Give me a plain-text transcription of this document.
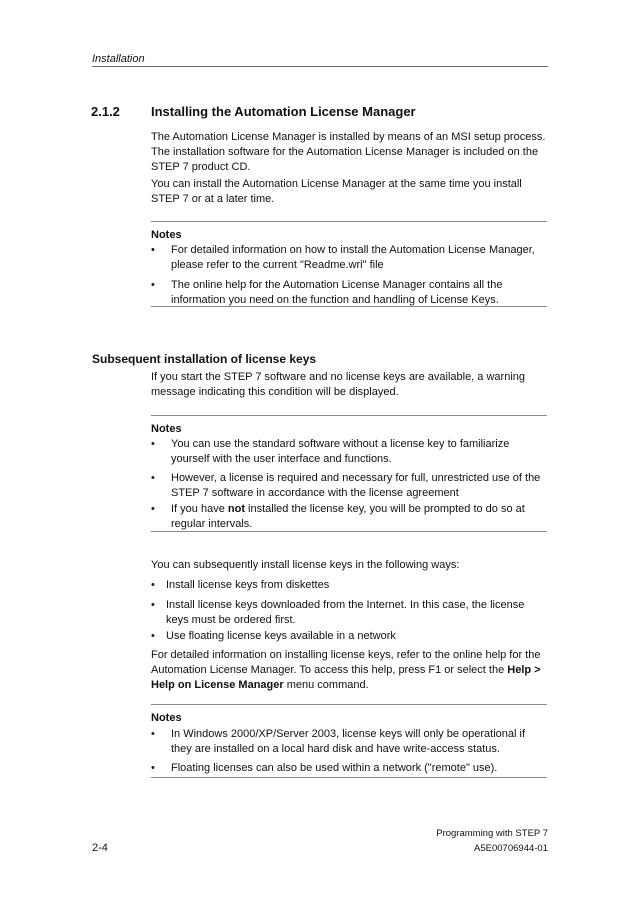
Installation
2.1.2 Installing the Automation License Manager
The Automation License Manager is installed by means of an MSI setup process. The installation software for the Automation License Manager is included on the STEP 7 product CD.
You can install the Automation License Manager at the same time you install STEP 7 or at a later time.
Notes
• For detailed information on how to install the Automation License Manager, please refer to the current "Readme.wri" file
• The online help for the Automation License Manager contains all the information you need on the function and handling of License Keys.
Subsequent installation of license keys
If you start the STEP 7 software and no license keys are available, a warning message indicating this condition will be displayed.
Notes
• You can use the standard software without a license key to familiarize yourself with the user interface and functions.
• However, a license is required and necessary for full, unrestricted use of the STEP 7 software in accordance with the license agreement
• If you have not installed the license key, you will be prompted to do so at regular intervals.
You can subsequently install license keys in the following ways:
• Install license keys from diskettes
• Install license keys downloaded from the Internet. In this case, the license keys must be ordered first.
• Use floating license keys available in a network
For detailed information on installing license keys, refer to the online help for the Automation License Manager. To access this help, press F1 or select the Help > Help on License Manager menu command.
Notes
• In Windows 2000/XP/Server 2003, license keys will only be operational if they are installed on a local hard disk and have write-access status.
• Floating licenses can also be used within a network ("remote" use).
2-4
Programming with STEP 7
A5E00706944-01
